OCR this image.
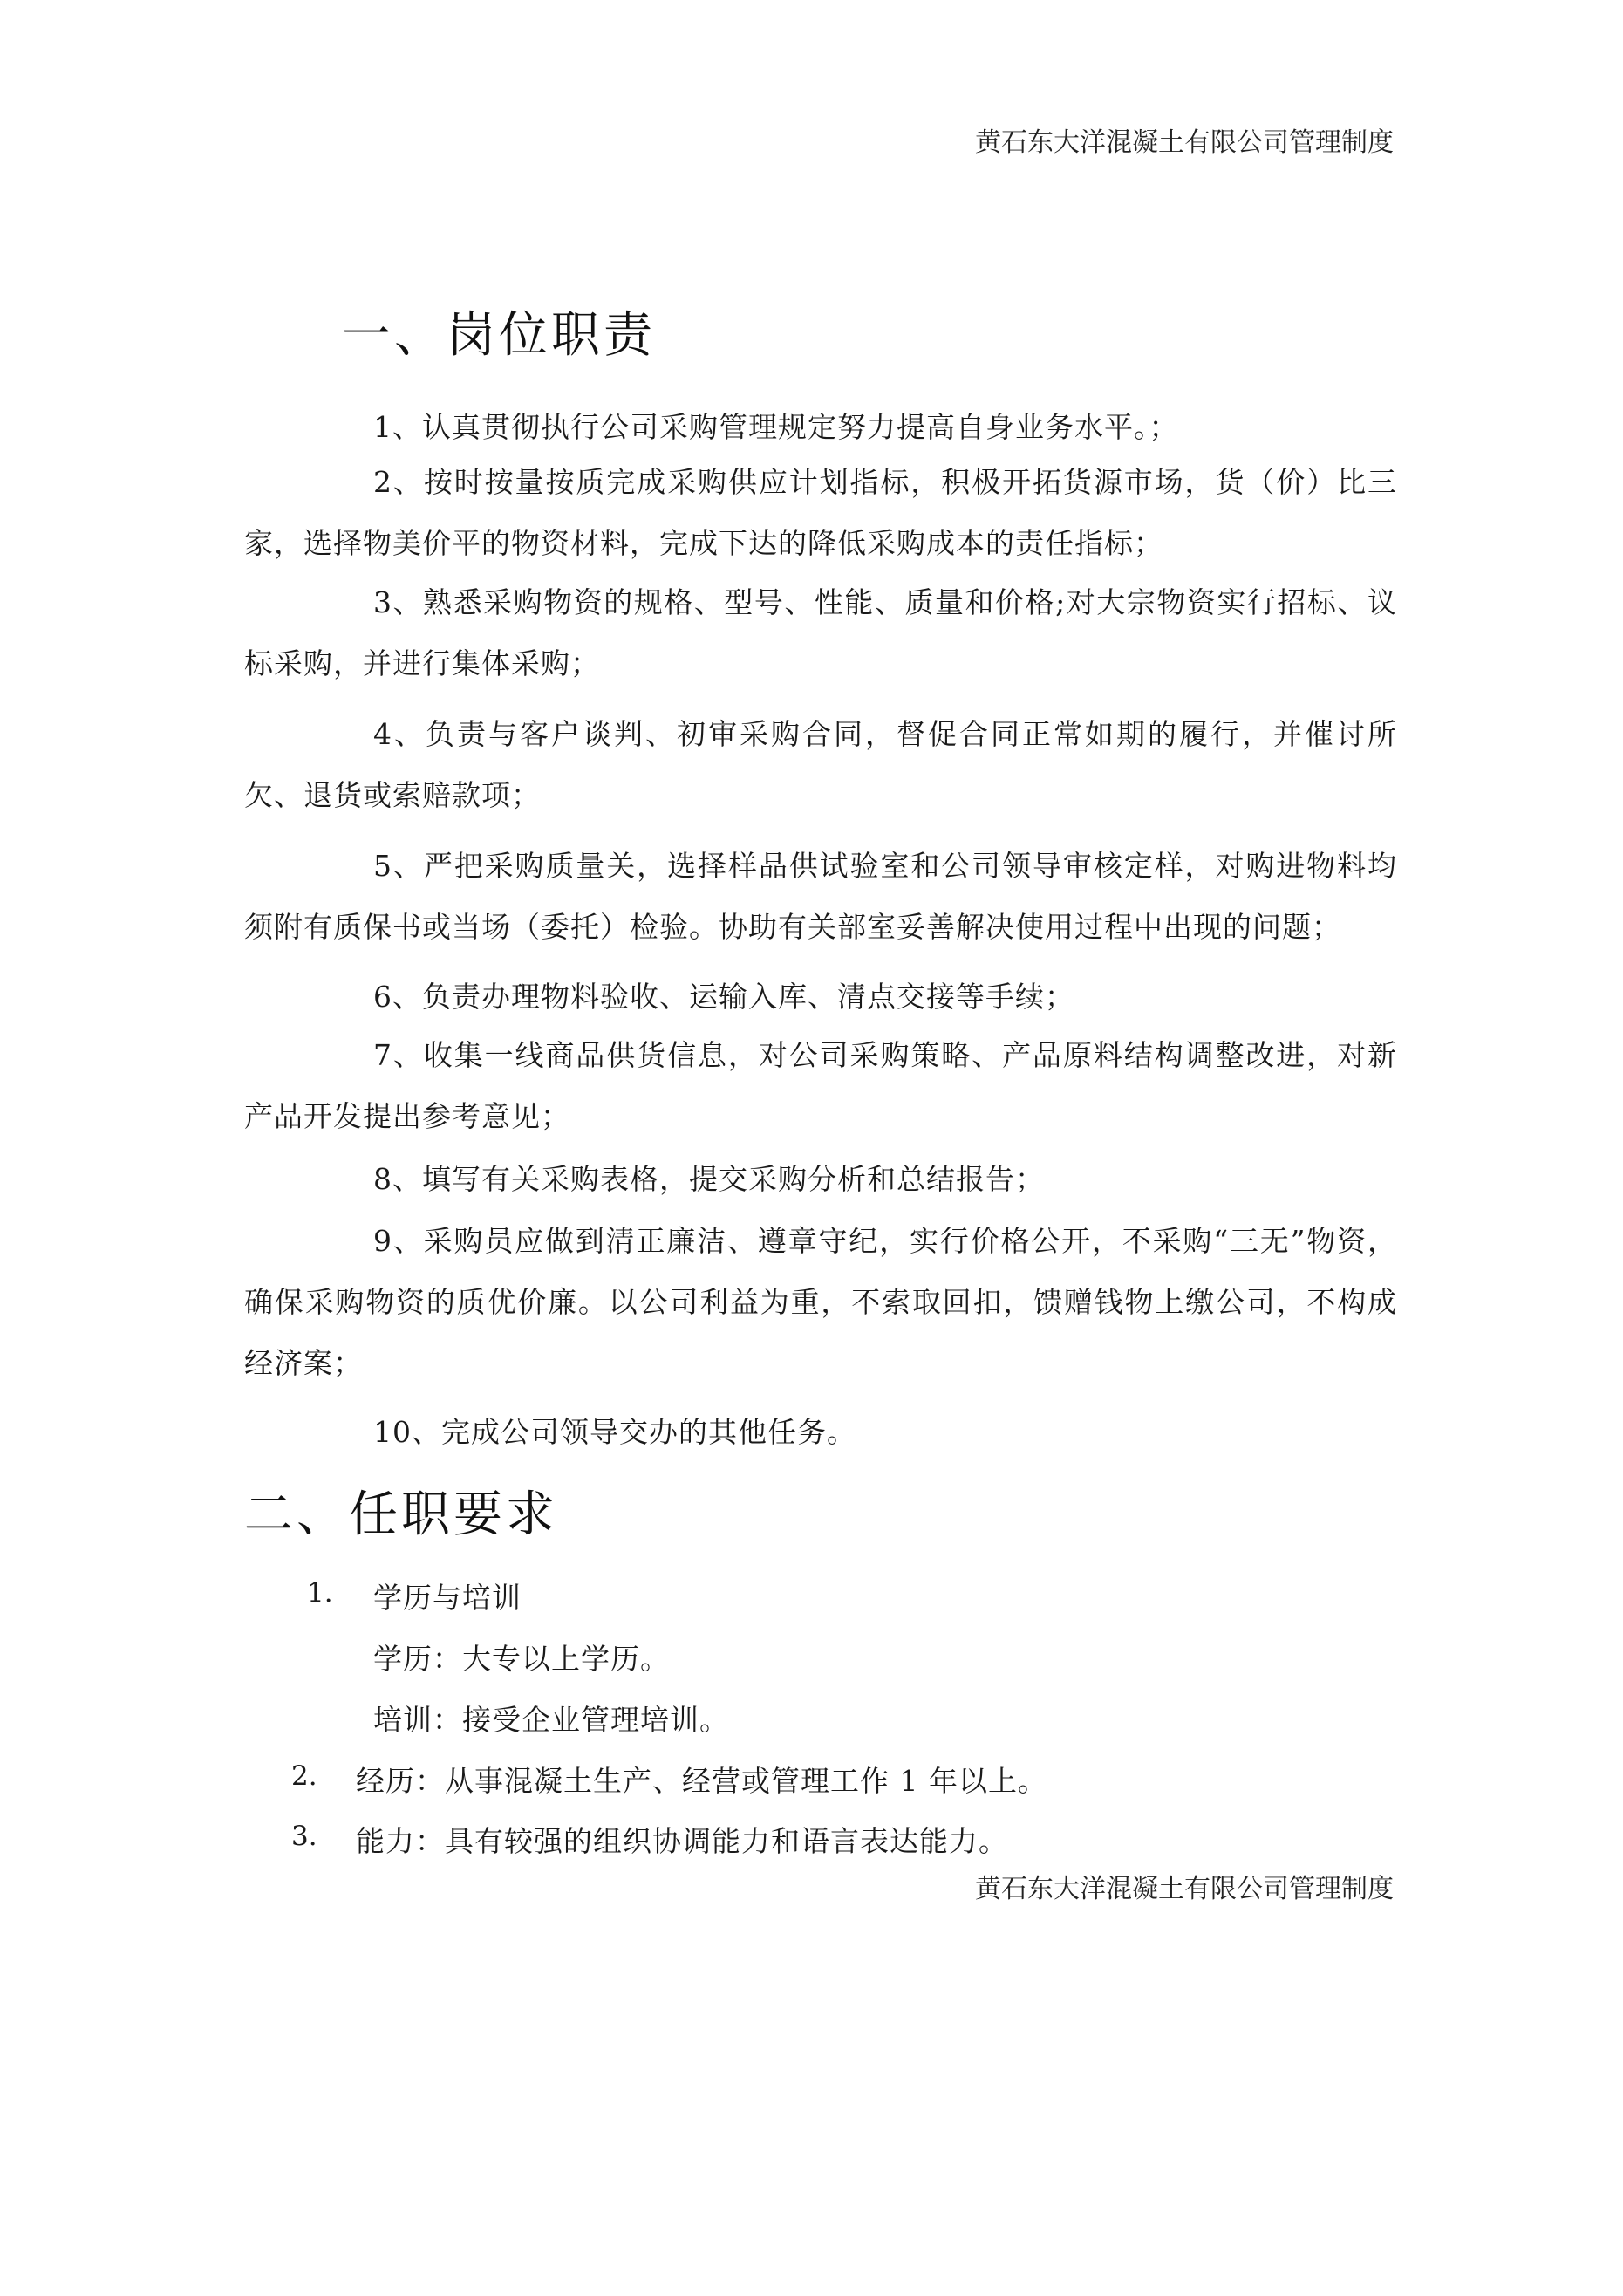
黄石东大洋混凝土有限公司管理制度
一、岗位职责
1、认真贯彻执行公司采购管理规定努力提高自身业务水平。；
2、按时按量按质完成采购供应计划指标，积极开拓货源市场，货（价）比三家，选择物美价平的物资材料，完成下达的降低采购成本的责任指标；
3、熟悉采购物资的规格、型号、性能、质量和价格;对大宗物资实行招标、议标采购，并进行集体采购；
4、负责与客户谈判、初审采购合同，督促合同正常如期的履行，并催讨所欠、退货或索赔款项；
5、严把采购质量关，选择样品供试验室和公司领导审核定样，对购进物料均须附有质保书或当场（委托）检验。协助有关部室妥善解决使用过程中出现的问题；
6、负责办理物料验收、运输入库、清点交接等手续；
7、收集一线商品供货信息，对公司采购策略、产品原料结构调整改进，对新产品开发提出参考意见；
8、填写有关采购表格，提交采购分析和总结报告；
9、采购员应做到清正廉洁、遵章守纪，实行价格公开，不采购“三无”物资，确保采购物资的质优价廉。以公司利益为重，不索取回扣，馈赠钱物上缴公司，不构成经济案；
10、完成公司领导交办的其他任务。
二、任职要求
1. 学历与培训
学历：大专以上学历。
培训：接受企业管理培训。
2. 经历：从事混凝土生产、经营或管理工作 1 年以上。
3. 能力：具有较强的组织协调能力和语言表达能力。
黄石东大洋混凝土有限公司管理制度
